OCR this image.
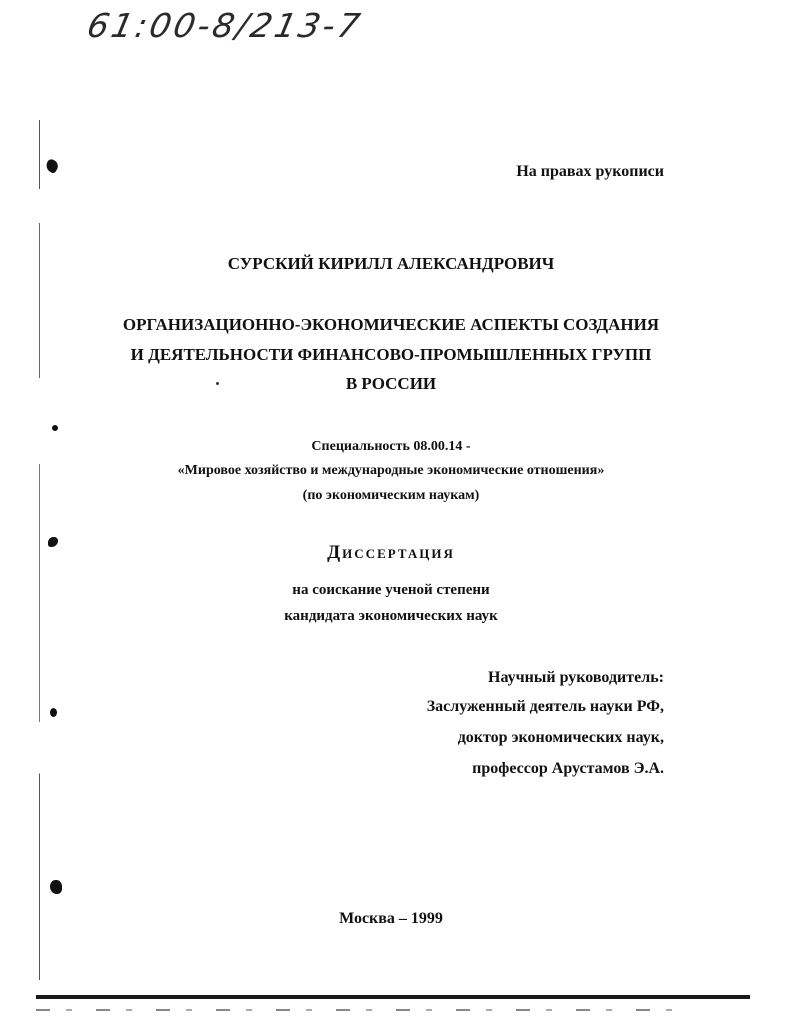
61:00-8/213-7
На правах рукописи
СУРСКИЙ КИРИЛЛ АЛЕКСАНДРОВИЧ
ОРГАНИЗАЦИОННО-ЭКОНОМИЧЕСКИЕ АСПЕКТЫ СОЗДАНИЯ
И ДЕЯТЕЛЬНОСТИ ФИНАНСОВО-ПРОМЫШЛЕННЫХ ГРУПП
В РОССИИ
Специальность 08.00.14 -
«Мировое хозяйство и международные экономические отношения»
(по экономическим наукам)
Диссертация
на соискание ученой степени
кандидата экономических наук
Научный руководитель:
Заслуженный деятель науки РФ,
доктор экономических наук,
профессор Арустамов Э.А.
Москва – 1999
